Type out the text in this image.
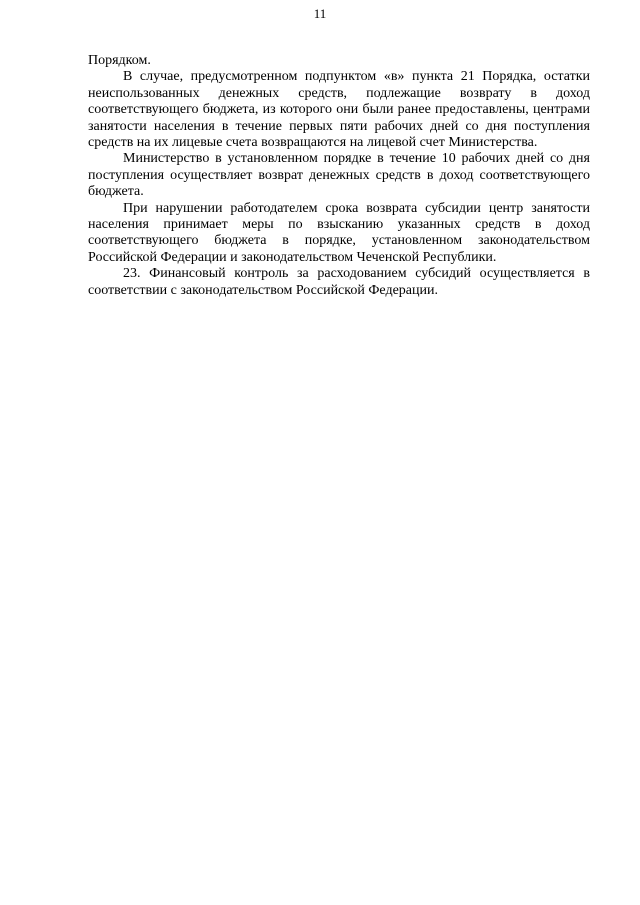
11

Порядком.

В случае, предусмотренном подпунктом «в» пункта 21 Порядка, остатки неиспользованных денежных средств, подлежащие возврату в доход соответствующего бюджета, из которого они были ранее предоставлены, центрами занятости населения в течение первых пяти рабочих дней со дня поступления средств на их лицевые счета возвращаются на лицевой счет Министерства.

Министерство в установленном порядке в течение 10 рабочих дней со дня поступления осуществляет возврат денежных средств в доход соответствующего бюджета.

При нарушении работодателем срока возврата субсидии центр занятости населения принимает меры по взысканию указанных средств в доход соответствующего бюджета в порядке, установленном законодательством Российской Федерации и законодательством Чеченской Республики.

23. Финансовый контроль за расходованием субсидий осуществляется в соответствии с законодательством Российской Федерации.
